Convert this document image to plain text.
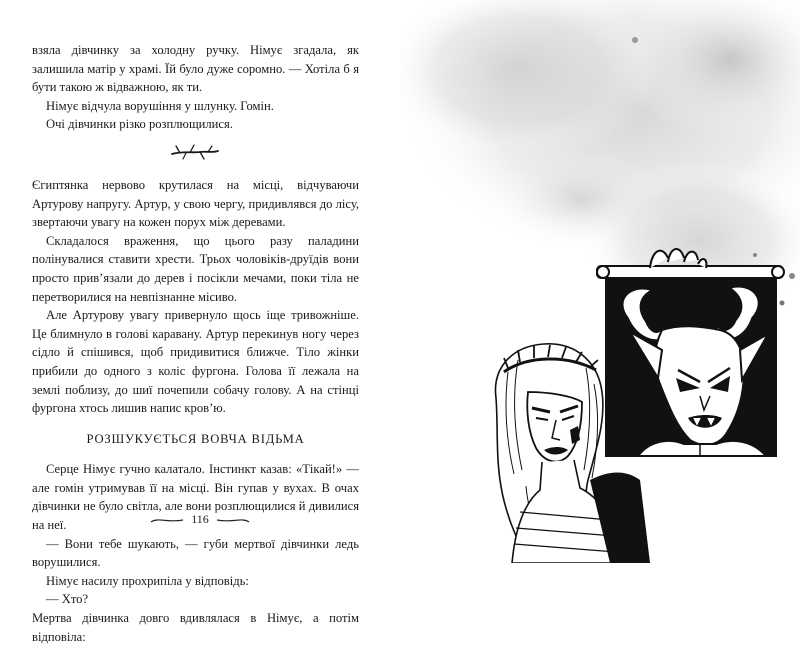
взяла дівчинку за холодну ручку. Німує згадала, як залишила матір у храмі. Їй було дуже соромно. — Хотіла б я бути такою ж відважною, як ти.

Німує відчула ворушіння у шлунку. Гомін.

Очі дівчинки різко розплющилися.

Єгиптянка нервово крутилася на місці, відчуваючи Артурову напругу. Артур, у свою чергу, придивлявся до лісу, звертаючи увагу на кожен порух між деревами.

Складалося враження, що цього разу паладини полінувалися ставити хрести. Трьох чоловіків-друїдів вони просто прив’язали до дерев і посікли мечами, поки тіла не перетворилися на невпізнанне місиво.

Але Артурову увагу привернуло щось іще тривожніше. Це блимнуло в голові каравану. Артур перекинув ногу через сідло й спішився, щоб придивитися ближче. Тіло жінки прибили до одного з коліс фургона. Голова її лежала на землі поблизу, до шиї почепили собачу голову. А на стінці фургона хтось лишив напис кров’ю.

РОЗШУКУЄТЬСЯ ВОВЧА ВІДЬМА

Серце Німує гучно калатало. Інстинкт казав: «Тікай!» — але гомін утримував її на місці. Він гупав у вухах. В очах дівчинки не було світла, але вони розплющилися й дивилися на неї.

— Вони тебе шукають, — губи мертвої дівчинки ледь ворушилися.

Німує насилу прохрипіла у відповідь:

— Хто?

Мертва дівчинка довго вдивлялася в Німує, а потім відповіла:

116
